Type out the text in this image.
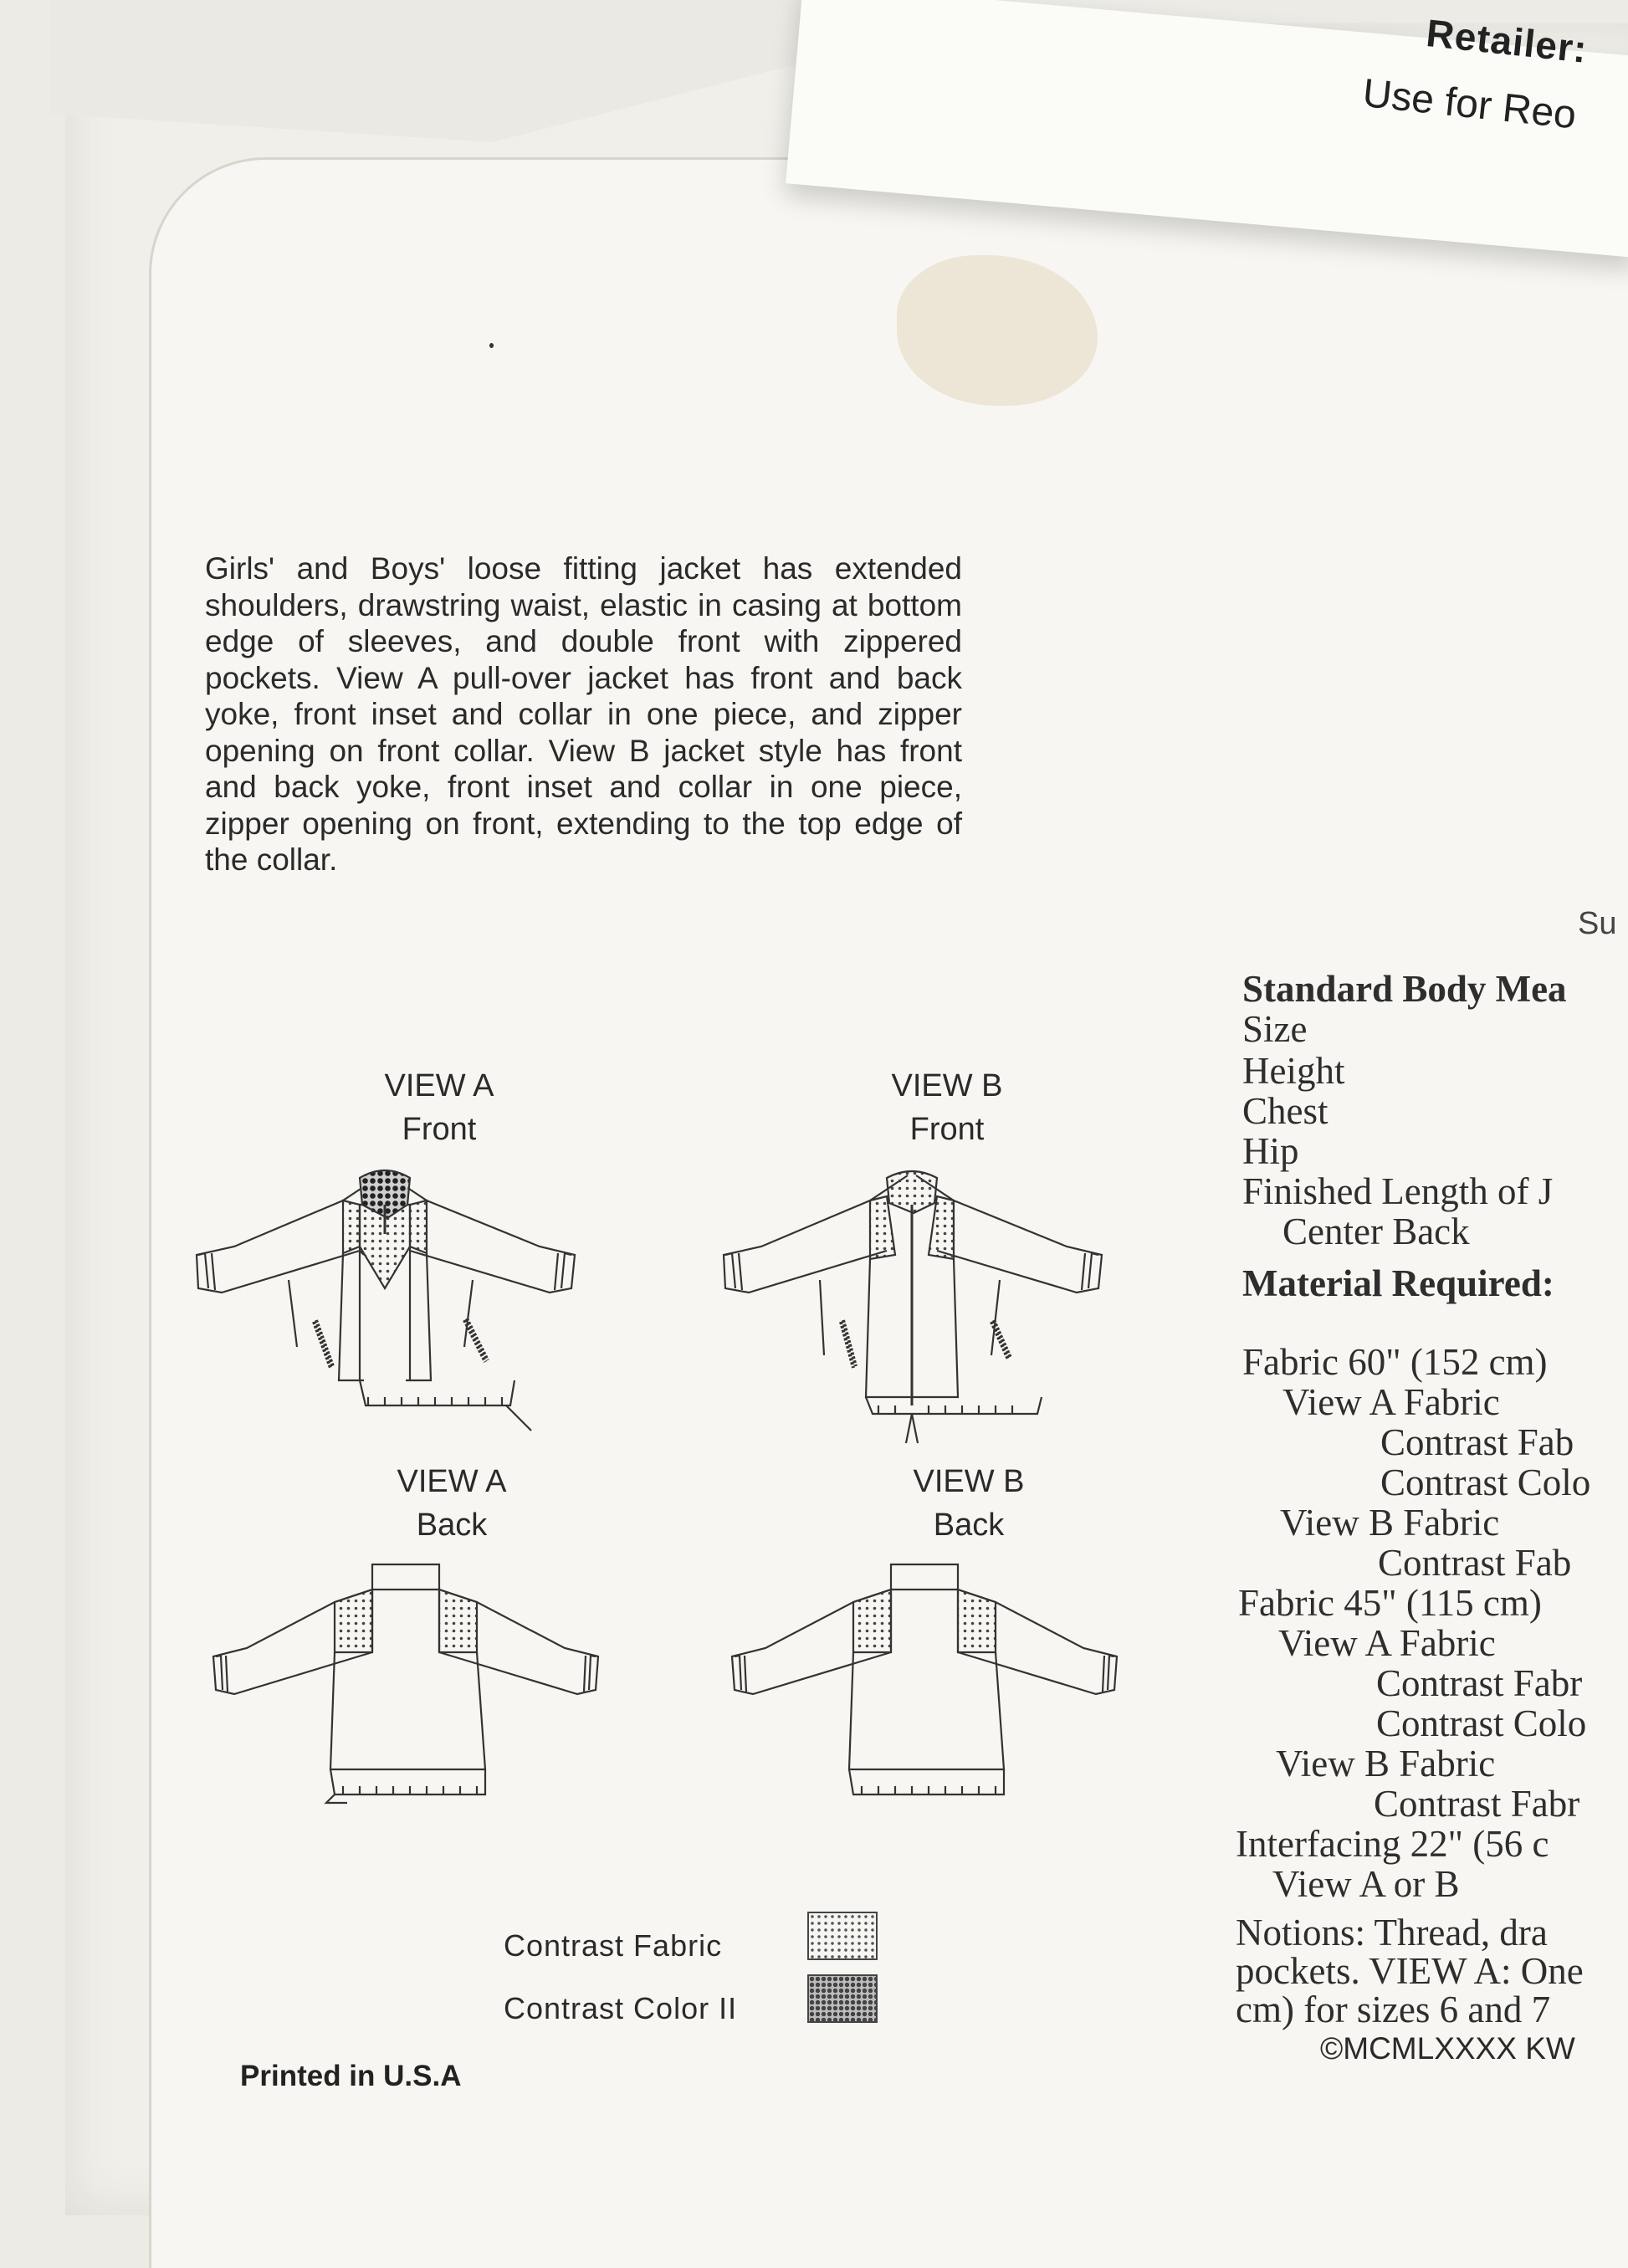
Retailer:
Use for Reo
Girls' and Boys' loose fitting jacket has extended shoulders, drawstring waist, elastic in casing at bottom edge of sleeves, and double front with zippered pockets. View A pull-over jacket has front and back yoke, front inset and collar in one piece, and zipper opening on front collar. View B jacket style has front and back yoke, front inset and collar in one piece, zipper opening on front, extending to the top edge of the collar.
VIEW A
Front
VIEW B
Front
VIEW A
Back
VIEW B
Back
Contrast Fabric
Contrast Color II
Printed in U.S.A
Su
Standard Body Mea
Size
Height
Chest
Hip
Finished Length of J
Center Back
Material Required:
Fabric 60" (152 cm)
View A Fabric
Contrast Fab
Contrast Colo
View B Fabric
Contrast Fab
Fabric 45" (115 cm)
View A Fabric
Contrast Fabr
Contrast Colo
View B Fabric
Contrast Fabr
Interfacing 22" (56 c
View A or B
Notions: Thread, dra
pockets. VIEW A: One
cm) for sizes 6 and 7
©MCMLXXXX KW
